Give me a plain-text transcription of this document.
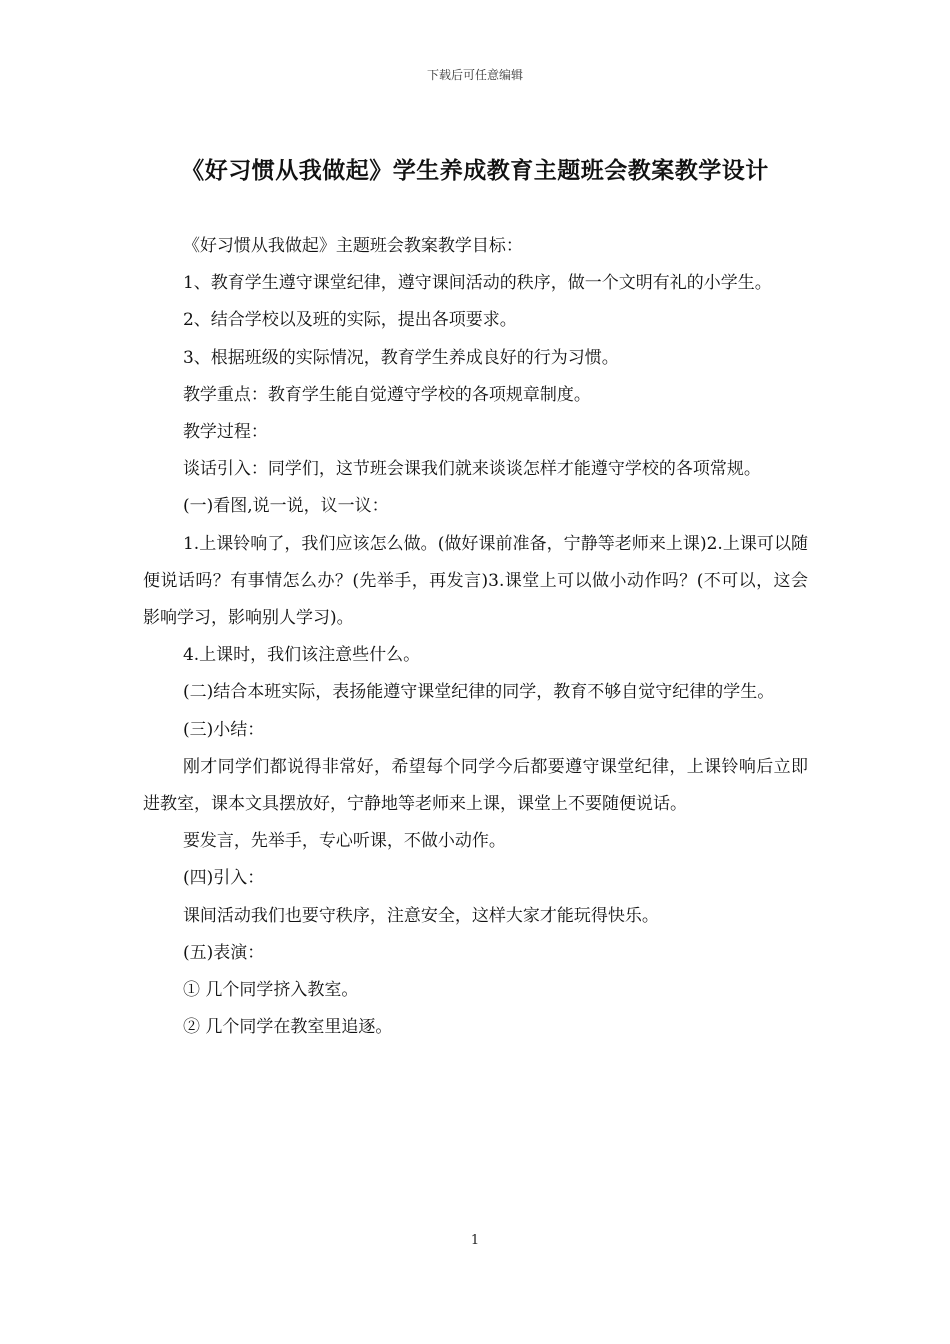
下载后可任意编辑
《好习惯从我做起》学生养成教育主题班会教案教学设计

《好习惯从我做起》主题班会教案教学目标：

1、教育学生遵守课堂纪律，遵守课间活动的秩序，做一个文明有礼的小学生。

2、结合学校以及班的实际，提出各项要求。

3、根据班级的实际情况，教育学生养成良好的行为习惯。

教学重点：教育学生能自觉遵守学校的各项规章制度。

教学过程：

谈话引入：同学们，这节班会课我们就来谈谈怎样才能遵守学校的各项常规。

(一)看图,说一说，议一议：

1.上课铃响了，我们应该怎么做。(做好课前准备，宁静等老师来上课)2.上课可以随便说话吗？有事情怎么办？(先举手，再发言)3.课堂上可以做小动作吗？(不可以，这会影响学习，影响别人学习)。

4.上课时，我们该注意些什么。

(二)结合本班实际，表扬能遵守课堂纪律的同学，教育不够自觉守纪律的学生。

(三)小结：

刚才同学们都说得非常好，希望每个同学今后都要遵守课堂纪律，上课铃响后立即进教室，课本文具摆放好，宁静地等老师来上课，课堂上不要随便说话。

要发言，先举手，专心听课，不做小动作。

(四)引入：

课间活动我们也要守秩序，注意安全，这样大家才能玩得快乐。

(五)表演：

① 几个同学挤入教室。

② 几个同学在教室里追逐。

1
